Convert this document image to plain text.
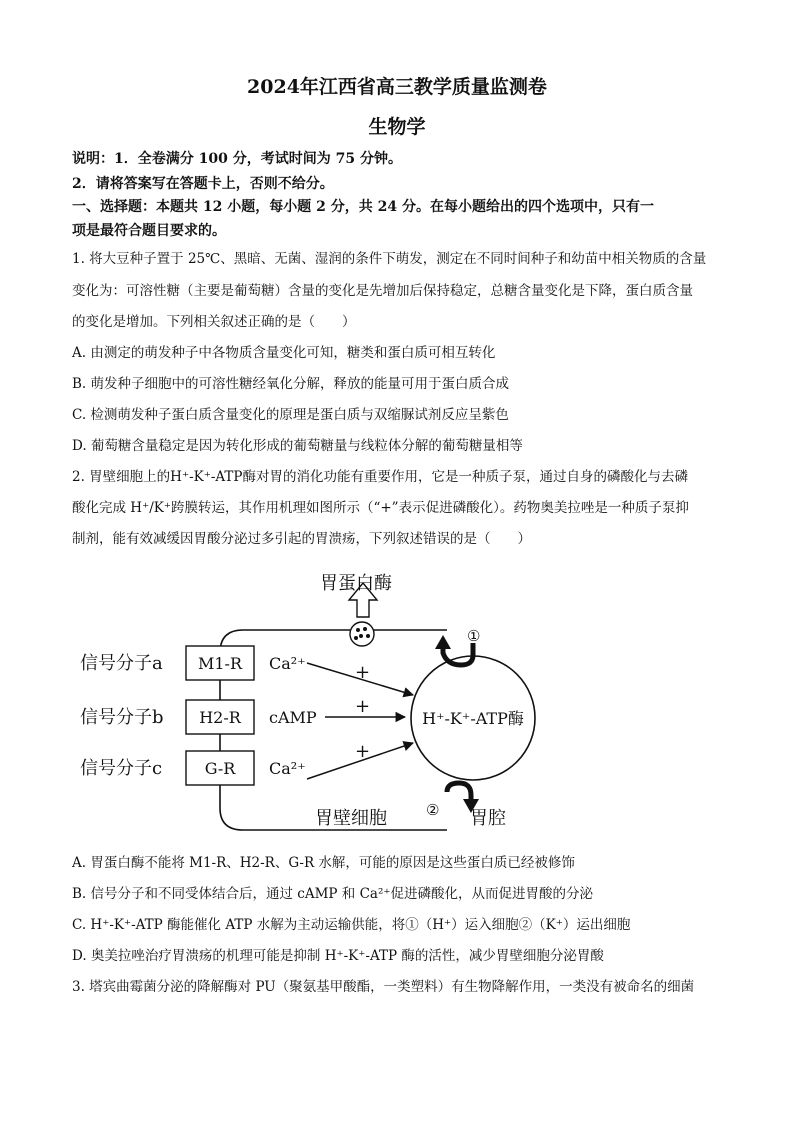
2024年江西省高三教学质量监测卷
生物学
说明：1．全卷满分 100 分，考试时间为 75 分钟。
2．请将答案写在答题卡上，否则不给分。
一、选择题：本题共 12 小题，每小题 2 分，共 24 分。在每小题给出的四个选项中，只有一
项是最符合题目要求的。
1. 将大豆种子置于 25℃、黑暗、无菌、湿润的条件下萌发，测定在不同时间种子和幼苗中相关物质的含量
变化为：可溶性糖（主要是葡萄糖）含量的变化是先增加后保持稳定，总糖含量变化是下降，蛋白质含量
的变化是增加。下列相关叙述正确的是（　　）
A. 由测定的萌发种子中各物质含量变化可知，糖类和蛋白质可相互转化
B. 萌发种子细胞中的可溶性糖经氧化分解，释放的能量可用于蛋白质合成
C. 检测萌发种子蛋白质含量变化的原理是蛋白质与双缩脲试剂反应呈紫色
D. 葡萄糖含量稳定是因为转化形成的葡萄糖量与线粒体分解的葡萄糖量相等
2. 胃壁细胞上的H⁺-K⁺-ATP酶对胃的消化功能有重要作用，它是一种质子泵，通过自身的磷酸化与去磷
酸化完成 H⁺/K⁺跨膜转运，其作用机理如图所示（“+”表示促进磷酸化）。药物奥美拉唑是一种质子泵抑
制剂，能有效减缓因胃酸分泌过多引起的胃溃疡，下列叙述错误的是（　　）
胃蛋白酶
信号分子a
信号分子b
信号分子c
M1-R
H2-R
G-R
Ca²⁺
cAMP
Ca²⁺
+
+
+
H⁺-K⁺-ATP酶
①
②
胃壁细胞	胃腔
A. 胃蛋白酶不能将 M1-R、H2-R、G-R 水解，可能的原因是这些蛋白质已经被修饰
B. 信号分子和不同受体结合后，通过 cAMP 和 Ca²⁺促进磷酸化，从而促进胃酸的分泌
C. H⁺-K⁺-ATP 酶能催化 ATP 水解为主动运输供能，将①（H⁺）运入细胞②（K⁺）运出细胞
D. 奥美拉唑治疗胃溃疡的机理可能是抑制 H⁺-K⁺-ATP 酶的活性，减少胃壁细胞分泌胃酸
3. 塔宾曲霉菌分泌的降解酶对 PU（聚氨基甲酸酯，一类塑料）有生物降解作用，一类没有被命名的细菌
